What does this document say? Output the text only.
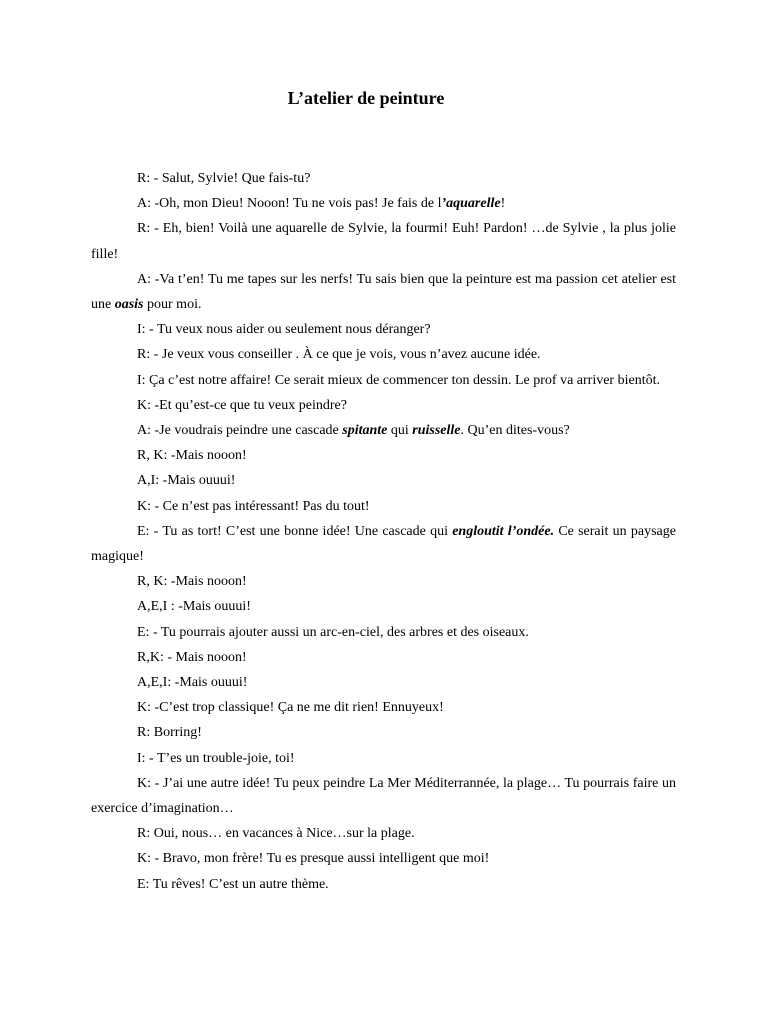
L’atelier de peinture

R: - Salut, Sylvie! Que fais-tu?

A: -Oh, mon Dieu! Nooon! Tu ne vois pas! Je fais de l’aquarelle!

R: - Eh, bien! Voilà une aquarelle de Sylvie, la fourmi! Euh! Pardon! …de Sylvie , la plus jolie fille!

A: -Va t’en! Tu me tapes sur les nerfs! Tu sais bien que la peinture est ma passion cet atelier est une oasis pour moi.

I: - Tu veux nous aider ou seulement nous déranger?

R: - Je veux vous conseiller . À ce que je vois, vous n’avez aucune idée.

I: Ça c’est notre affaire! Ce serait mieux de commencer ton dessin. Le prof va arriver bientôt.

K: -Et qu’est-ce que tu veux peindre?

A: -Je voudrais peindre une cascade spitante qui ruisselle. Qu’en dites-vous?

R, K: -Mais nooon!

A,I: -Mais ouuui!

K: - Ce n’est pas intéressant! Pas du tout!

E: - Tu as tort! C’est une bonne idée! Une cascade qui engloutit l’ondée. Ce serait un paysage magique!

R, K: -Mais nooon!

A,E,I : -Mais ouuui!

E: - Tu pourrais ajouter aussi un arc-en-ciel, des arbres et des oiseaux.

R,K: - Mais nooon!

A,E,I: -Mais ouuui!

K: -C’est trop classique! Ça ne me dit rien! Ennuyeux!

R: Borring!

I: - T’es un trouble-joie, toi!

K: - J’ai une autre idée! Tu peux peindre La Mer Méditerrannée, la plage… Tu pourrais faire un exercice d’imagination…

R: Oui, nous… en vacances à Nice…sur la plage.

K: - Bravo, mon frère! Tu es presque aussi intelligent que moi!

E: Tu rêves! C’est un autre thème.
